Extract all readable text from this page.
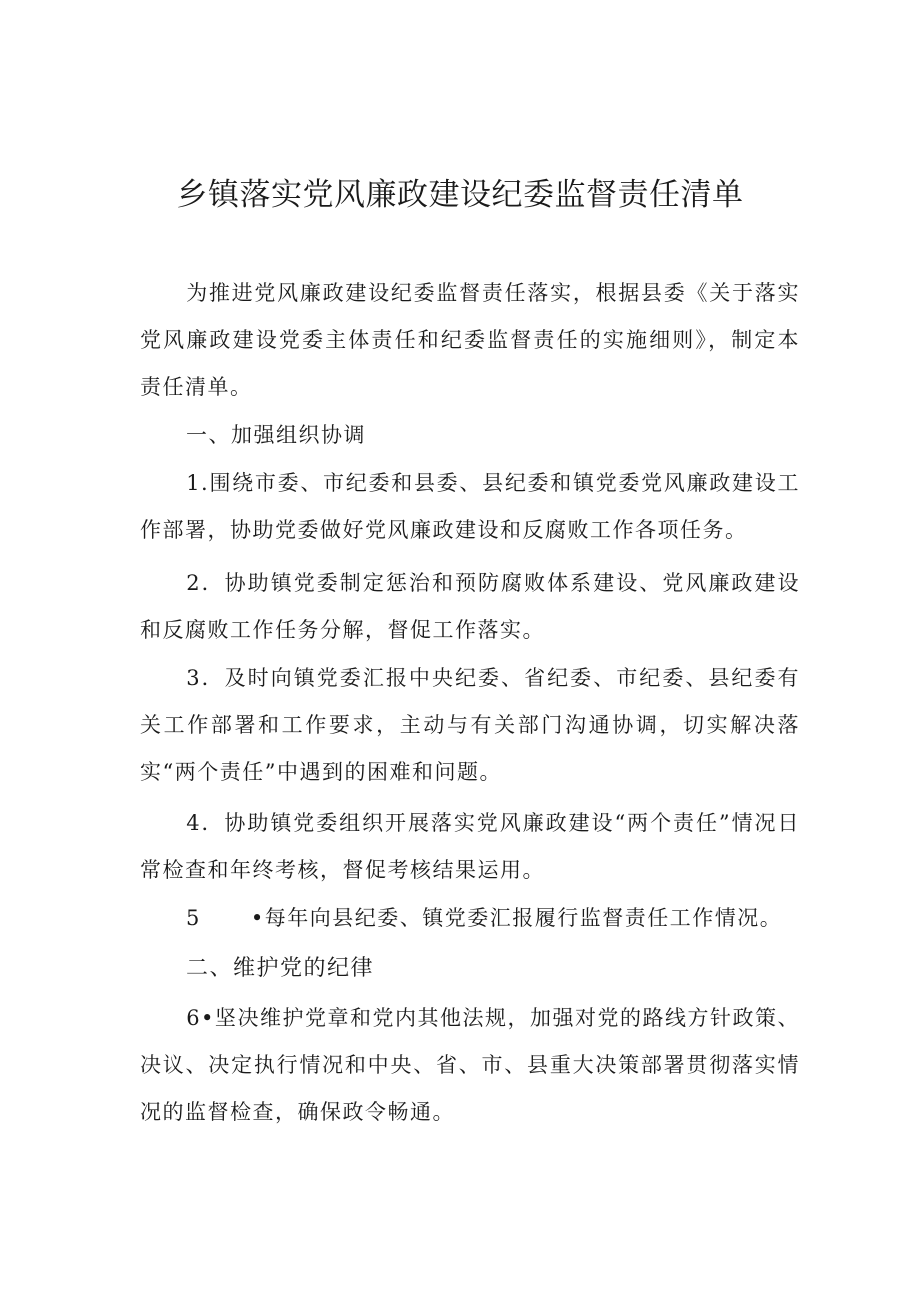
乡镇落实党风廉政建设纪委监督责任清单

为推进党风廉政建设纪委监督责任落实，根据县委《关于落实党风廉政建设党委主体责任和纪委监督责任的实施细则》，制定本责任清单。

一、加强组织协调

1.围绕市委、市纪委和县委、县纪委和镇党委党风廉政建设工作部署，协助党委做好党风廉政建设和反腐败工作各项任务。

2．协助镇党委制定惩治和预防腐败体系建设、党风廉政建设和反腐败工作任务分解，督促工作落实。

3．及时向镇党委汇报中央纪委、省纪委、市纪委、县纪委有关工作部署和工作要求，主动与有关部门沟通协调，切实解决落实“两个责任”中遇到的困难和问题。

4．协助镇党委组织开展落实党风廉政建设“两个责任”情况日常检查和年终考核，督促考核结果运用。

5 •每年向县纪委、镇党委汇报履行监督责任工作情况。

二、维护党的纪律

6•坚决维护党章和党内其他法规，加强对党的路线方针政策、决议、决定执行情况和中央、省、市、县重大决策部署贯彻落实情况的监督检查，确保政令畅通。
